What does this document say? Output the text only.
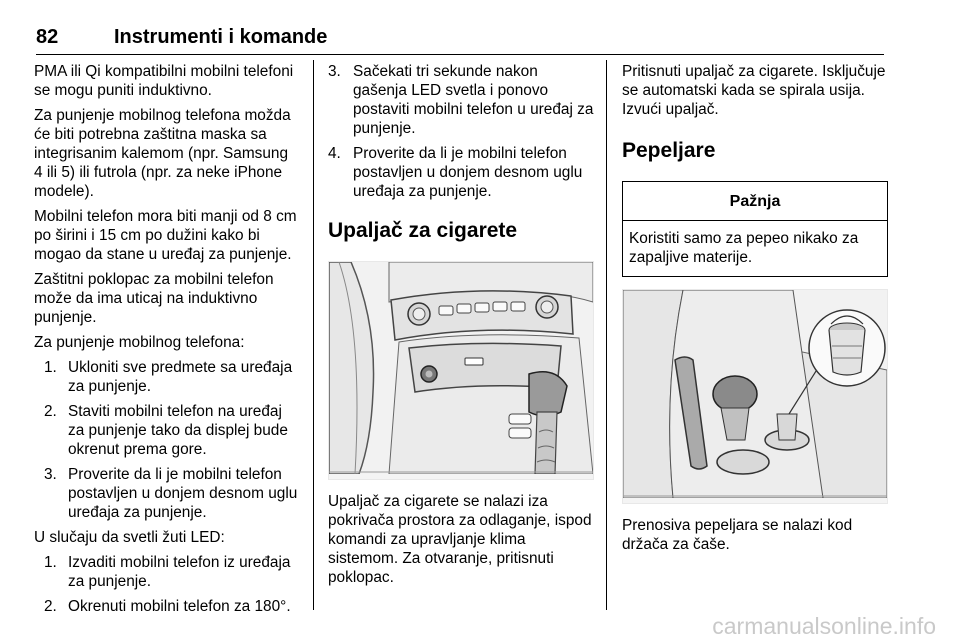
82	Instrumenti i komande

PMA ili Qi kompatibilni mobilni telefoni se mogu puniti induktivno.

Za punjenje mobilnog telefona možda će biti potrebna zaštitna maska sa integrisanim kalemom (npr. Samsung 4 ili 5) ili futrola (npr. za neke iPhone modele).

Mobilni telefon mora biti manji od 8 cm po širini i 15 cm po dužini kako bi mogao da stane u uređaj za punjenje.

Zaštitni poklopac za mobilni telefon može da ima uticaj na induktivno punjenje.

Za punjenje mobilnog telefona:

1. Ukloniti sve predmete sa uređaja za punjenje.
2. Staviti mobilni telefon na uređaj za punjenje tako da displej bude okrenut prema gore.
3. Proverite da li je mobilni telefon postavljen u donjem desnom uglu uređaja za punjenje.

U slučaju da svetli žuti LED:

1. Izvaditi mobilni telefon iz uređaja za punjenje.
2. Okrenuti mobilni telefon za 180°.
3. Sačekati tri sekunde nakon gašenja LED svetla i ponovo postaviti mobilni telefon u uređaj za punjenje.
4. Proverite da li je mobilni telefon postavljen u donjem desnom uglu uređaja za punjenje.
Upaljač za cigarete

Upaljač za cigarete se nalazi iza pokrivača prostora za odlaganje, ispod komandi za upravljanje klima sistemom. Za otvaranje, pritisnuti poklopac.

Pritisnuti upaljač za cigarete. Isključuje se automatski kada se spirala usija. Izvući upaljač.

Pepeljare
Pažnja
Koristiti samo za pepeo nikako za zapaljive materije.

Prenosiva pepeljara se nalazi kod držača za čaše.

carmanualsonline.info
